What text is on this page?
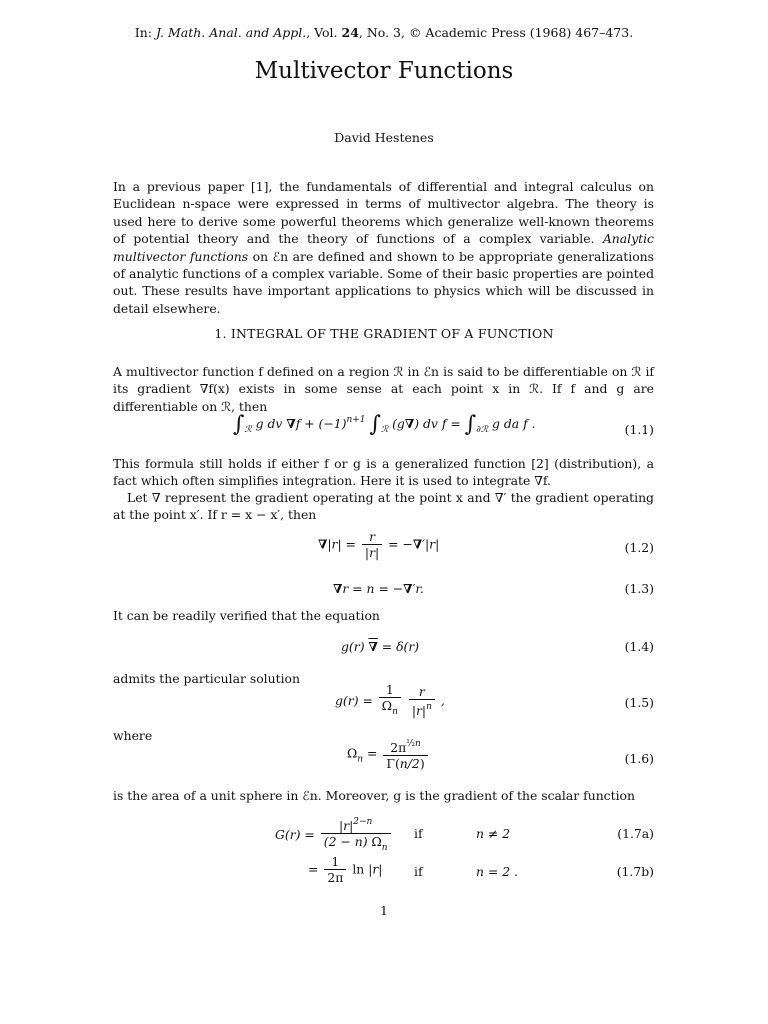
In: J. Math. Anal. and Appl., Vol. 24, No. 3, © Academic Press (1968) 467–473.
Multivector Functions
David Hestenes

In a previous paper [1], the fundamentals of differential and integral calculus on Euclidean n-space were expressed in terms of multivector algebra. The theory is used here to derive some powerful theorems which generalize well-known theorems of potential theory and the theory of functions of a complex variable. Analytic multivector functions on ℰn are defined and shown to be appropriate generalizations of analytic functions of a complex variable. Some of their basic properties are pointed out. These results have important applications to physics which will be discussed in detail elsewhere.

1. INTEGRAL OF THE GRADIENT OF A FUNCTION

A multivector function f defined on a region ℛ in ℰn is said to be differentiable on ℛ if its gradient ∇f(x) exists in some sense at each point x in ℛ. If f and g are differentiable on ℛ, then

$\int_ℛ$ g dv $\nabla f + (-1)^{n+1}$ $\int_ℛ$ (g∇) dv $f = \int_{\partial ℛ}$ g da f .	(1.1)

This formula still holds if either f or g is a generalized function [2] (distribution), a fact which often simplifies integration. Here it is used to integrate ∇f.

Let ∇ represent the gradient operating at the point x and ∇′ the gradient operating at the point x′. If r = x − x′, then

$\nabla|r| = \frac{r}{|r|} = -\nabla'|r|$	(1.2)
∇r = n = −∇′r.	(1.3)

It can be readily verified that the equation

g(r) ∇ = δ(r)	(1.4)

admits the particular solution

$g(r) = \frac{1}{\Omega_n}$
$\frac{r}{|r|^n}$ ,	(1.5)

where

$\Omega_n = \frac{2\pi^{\frac{1}{2}n}}{\Gamma(n/2)}$	(1.6)

is the area of a unit sphere in ℰn. Moreover, g is the gradient of the scalar function

$G(r) = \frac{|r|^{2-n}}{(2 - n) \Omega_n}$ if	n ≠ 2	(1.7a)
= $\frac{1}{2\pi}$ ln |r|	if	n = 2 .	(1.7b)
1
